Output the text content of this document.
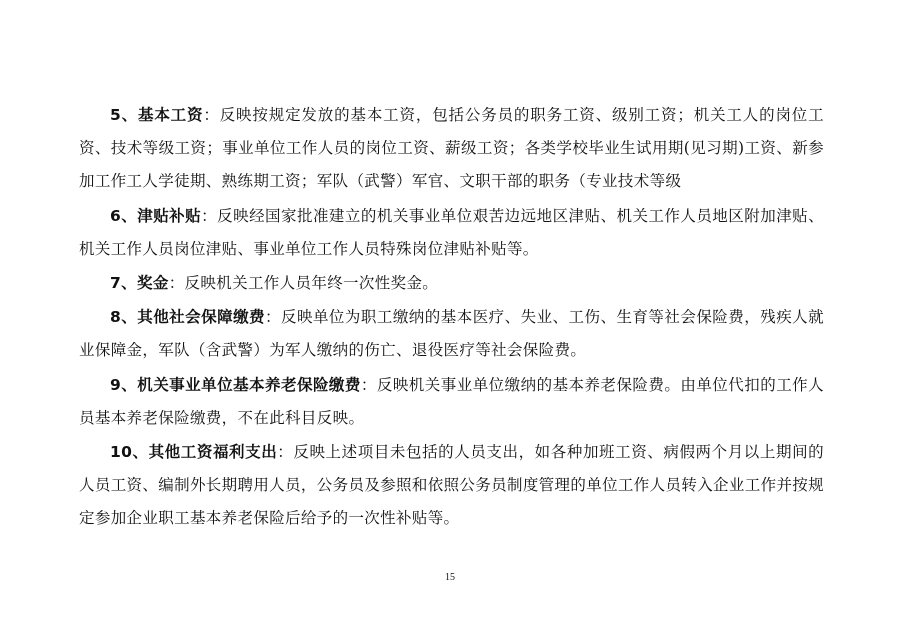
5、基本工资：反映按规定发放的基本工资，包括公务员的职务工资、级别工资；机关工人的岗位工资、技术等级工资；事业单位工作人员的岗位工资、薪级工资；各类学校毕业生试用期(见习期)工资、新参加工作工人学徒期、熟练期工资；军队（武警）军官、文职干部的职务（专业技术等级

6、津贴补贴：反映经国家批准建立的机关事业单位艰苦边远地区津贴、机关工作人员地区附加津贴、机关工作人员岗位津贴、事业单位工作人员特殊岗位津贴补贴等。

7、奖金：反映机关工作人员年终一次性奖金。

8、其他社会保障缴费：反映单位为职工缴纳的基本医疗、失业、工伤、生育等社会保险费，残疾人就业保障金，军队（含武警）为军人缴纳的伤亡、退役医疗等社会保险费。

9、机关事业单位基本养老保险缴费：反映机关事业单位缴纳的基本养老保险费。由单位代扣的工作人员基本养老保险缴费，不在此科目反映。

10、其他工资福利支出：反映上述项目未包括的人员支出，如各种加班工资、病假两个月以上期间的人员工资、编制外长期聘用人员，公务员及参照和依照公务员制度管理的单位工作人员转入企业工作并按规定参加企业职工基本养老保险后给予的一次性补贴等。

15
